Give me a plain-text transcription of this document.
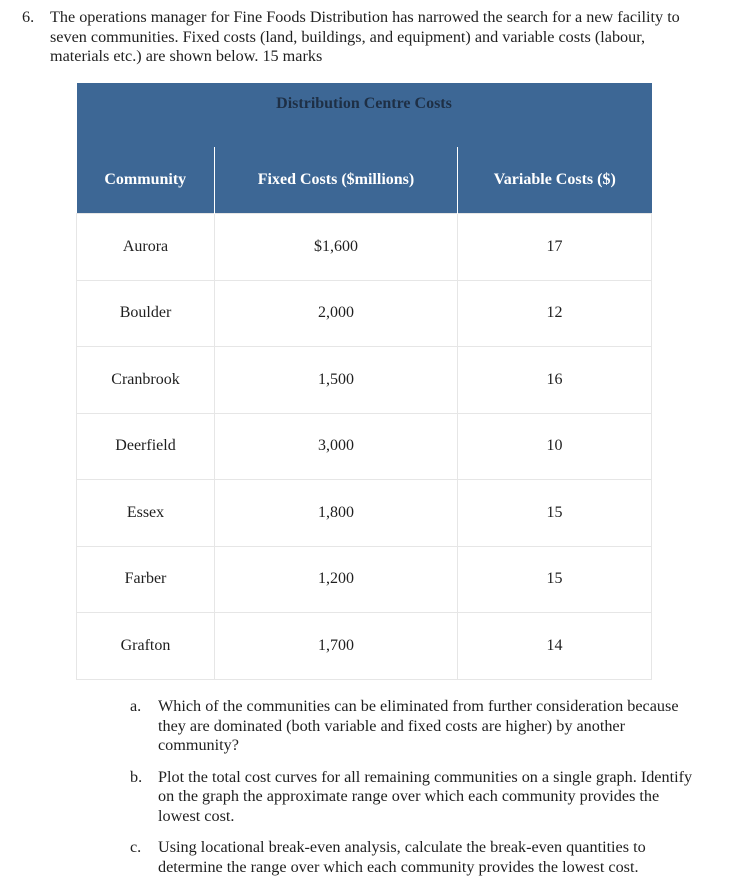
6. The operations manager for Fine Foods Distribution has narrowed the search for a new facility to seven communities. Fixed costs (land, buildings, and equipment) and variable costs (labour, materials etc.) are shown below. 15 marks
Distribution Centre Costs		
Community	Fixed Costs ($millions)	Variable Costs ($)
Aurora	$1,600	17
Boulder	2,000	12
Cranbrook	1,500	16
Deerfield	3,000	10
Essex	1,800	15
Farber	1,200	15
Grafton	1,700	14
a. Which of the communities can be eliminated from further consideration because they are dominated (both variable and fixed costs are higher) by another community?
b. Plot the total cost curves for all remaining communities on a single graph. Identify on the graph the approximate range over which each community provides the lowest cost.
c. Using locational break-even analysis, calculate the break-even quantities to determine the range over which each community provides the lowest cost.
